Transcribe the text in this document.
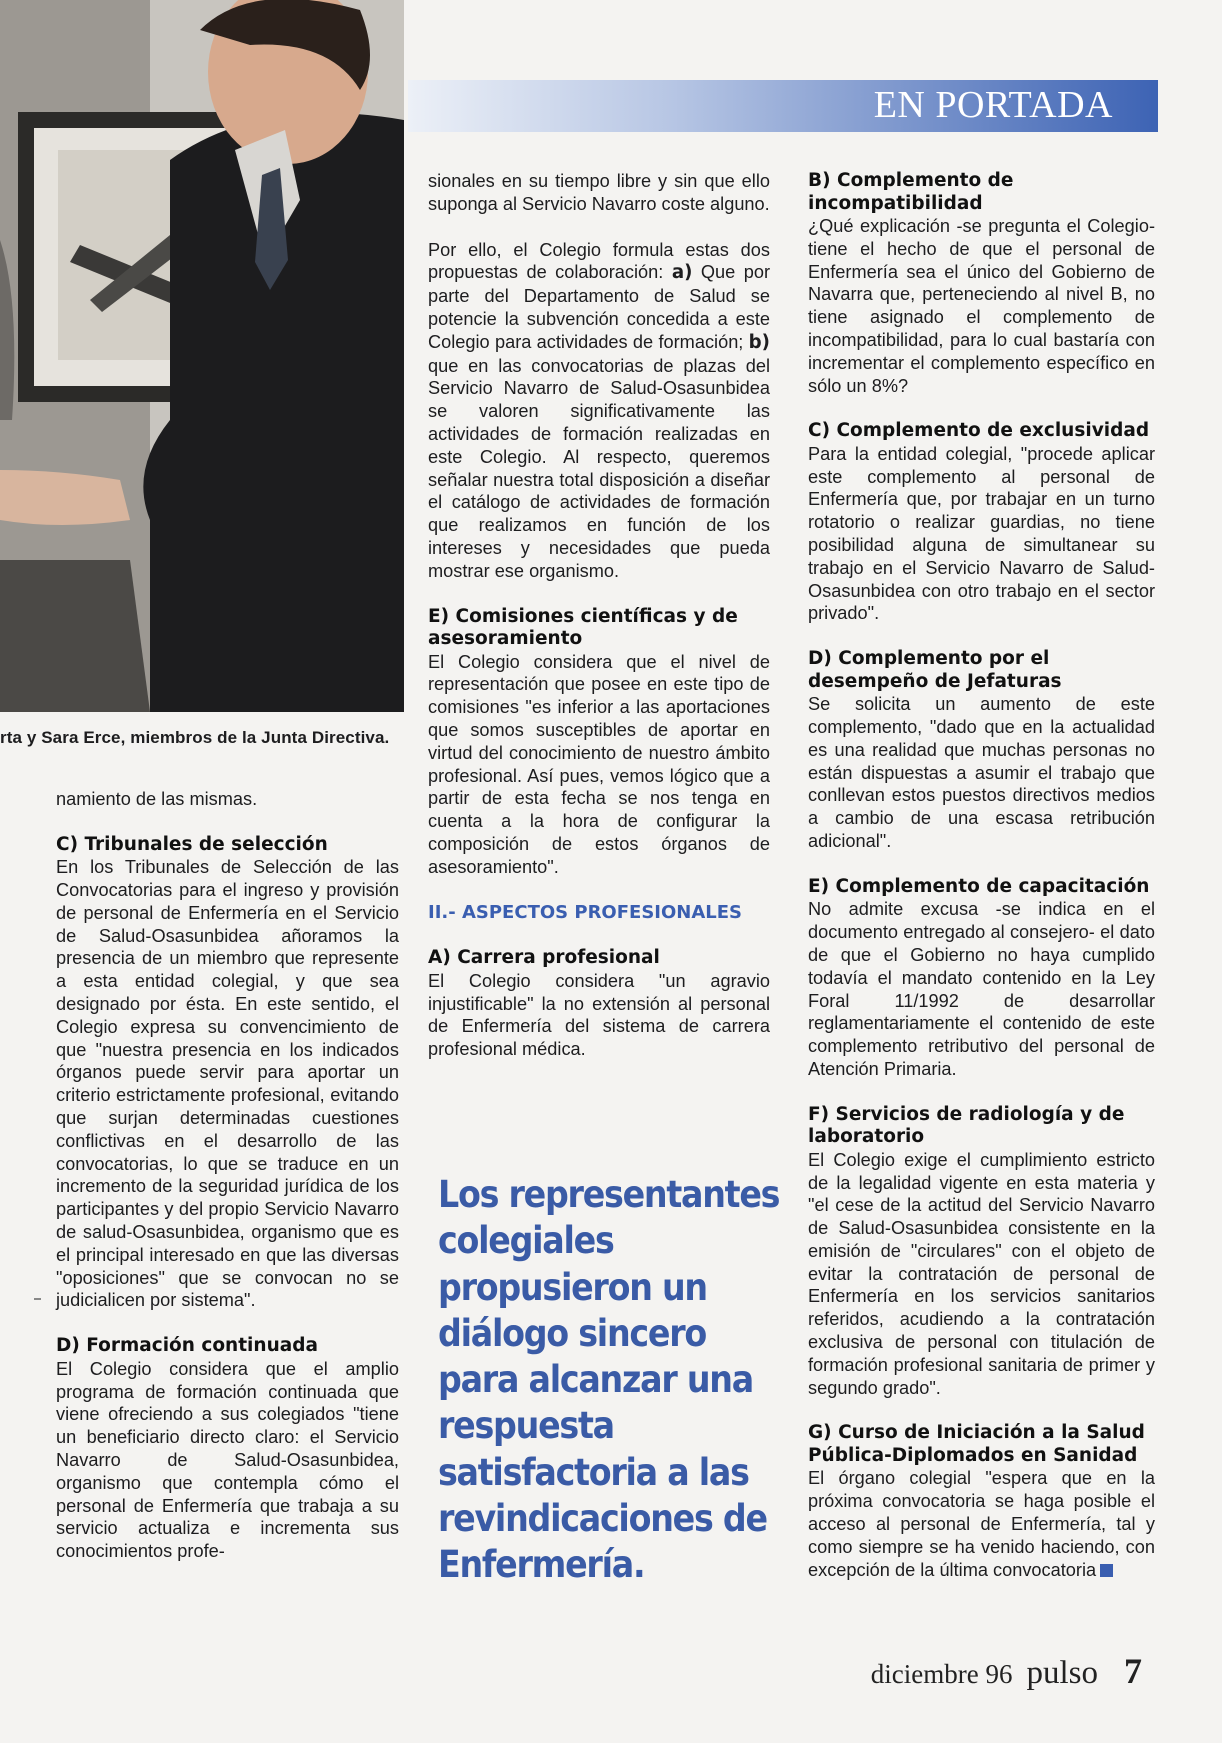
rta y Sara Erce, miembros de la Junta Directiva.
EN PORTADA

namiento de las mismas.

C) Tribunales de selección

En los Tribunales de Selección de las Convocatorias para el ingreso y provisión de personal de Enfermería en el Servicio de Salud-Osasunbidea añoramos la presencia de un miembro que represente a esta entidad colegial, y que sea designado por ésta. En este sentido, el Colegio expresa su convencimiento de que "nuestra presencia en los indicados órganos puede servir para aportar un criterio estrictamente profesional, evitando que surjan determinadas cuestiones conflictivas en el desarrollo de las convocatorias, lo que se traduce en un incremento de la seguridad jurídica de los participantes y del propio Servicio Navarro de salud-Osasunbidea, organismo que es el principal interesado en que las diversas "oposiciones" que se convocan no se judicialicen por sistema".

D) Formación continuada

El Colegio considera que el amplio programa de formación continuada que viene ofreciendo a sus colegiados "tiene un beneficiario directo claro: el Servicio Navarro de Salud-Osasunbidea, organismo que contempla cómo el personal de Enfermería que trabaja a su servicio actualiza e incrementa sus conocimientos profe-

sionales en su tiempo libre y sin que ello suponga al Servicio Navarro coste alguno.

Por ello, el Colegio formula estas dos propuestas de colaboración: a) Que por parte del Departamento de Salud se potencie la subvención concedida a este Colegio para actividades de formación; b) que en las convocatorias de plazas del Servicio Navarro de Salud-Osasunbidea se valoren significativamente las actividades de formación realizadas en este Colegio. Al respecto, queremos señalar nuestra total disposición a diseñar el catálogo de actividades de formación que realizamos en función de los intereses y necesidades que pueda mostrar ese organismo.

E) Comisiones científicas y de asesoramiento

El Colegio considera que el nivel de representación que posee en este tipo de comisiones "es inferior a las aportaciones que somos susceptibles de aportar en virtud del conocimiento de nuestro ámbito profesional. Así pues, vemos lógico que a partir de esta fecha se nos tenga en cuenta a la hora de configurar la composición de estos órganos de asesoramiento".

II.- ASPECTOS PROFESIONALES
A) Carrera profesional

El Colegio considera "un agravio injustificable" la no extensión al personal de Enfermería del sistema de carrera profesional médica.

Los representantes colegiales propusieron un diálogo sincero para alcanzar una respuesta satisfactoria a las revindicaciones de Enfermería.
B) Complemento de incompatibilidad

¿Qué explicación -se pregunta el Colegio- tiene el hecho de que el personal de Enfermería sea el único del Gobierno de Navarra que, perteneciendo al nivel B, no tiene asignado el complemento de incompatibilidad, para lo cual bastaría con incrementar el complemento específico en sólo un 8%?

C) Complemento de exclusividad

Para la entidad colegial, "procede aplicar este complemento al personal de Enfermería que, por trabajar en un turno rotatorio o realizar guardias, no tiene posibilidad alguna de simultanear su trabajo en el Servicio Navarro de Salud-Osasunbidea con otro trabajo en el sector privado".

D) Complemento por el desempeño de Jefaturas

Se solicita un aumento de este complemento, "dado que en la actualidad es una realidad que muchas personas no están dispuestas a asumir el trabajo que conllevan estos puestos directivos medios a cambio de una escasa retribución adicional".

E) Complemento de capacitación

No admite excusa -se indica en el documento entregado al consejero- el dato de que el Gobierno no haya cumplido todavía el mandato contenido en la Ley Foral 11/1992 de desarrollar reglamentariamente el contenido de este complemento retributivo del personal de Atención Primaria.

F) Servicios de radiología y de laboratorio

El Colegio exige el cumplimiento estricto de la legalidad vigente en esta materia y "el cese de la actitud del Servicio Navarro de Salud-Osasunbidea consistente en la emisión de "circulares" con el objeto de evitar la contratación de personal de Enfermería en los servicios sanitarios referidos, acudiendo a la contratación exclusiva de personal con titulación de formación profesional sanitaria de primer y segundo grado".

G) Curso de Iniciación a la Salud Pública-Diplomados en Sanidad

El órgano colegial "espera que en la próxima convocatoria se haga posible el acceso al personal de Enfermería, tal y como siempre se ha venido haciendo, con excepción de la última convocatoria

diciembre 96 pulso 7
